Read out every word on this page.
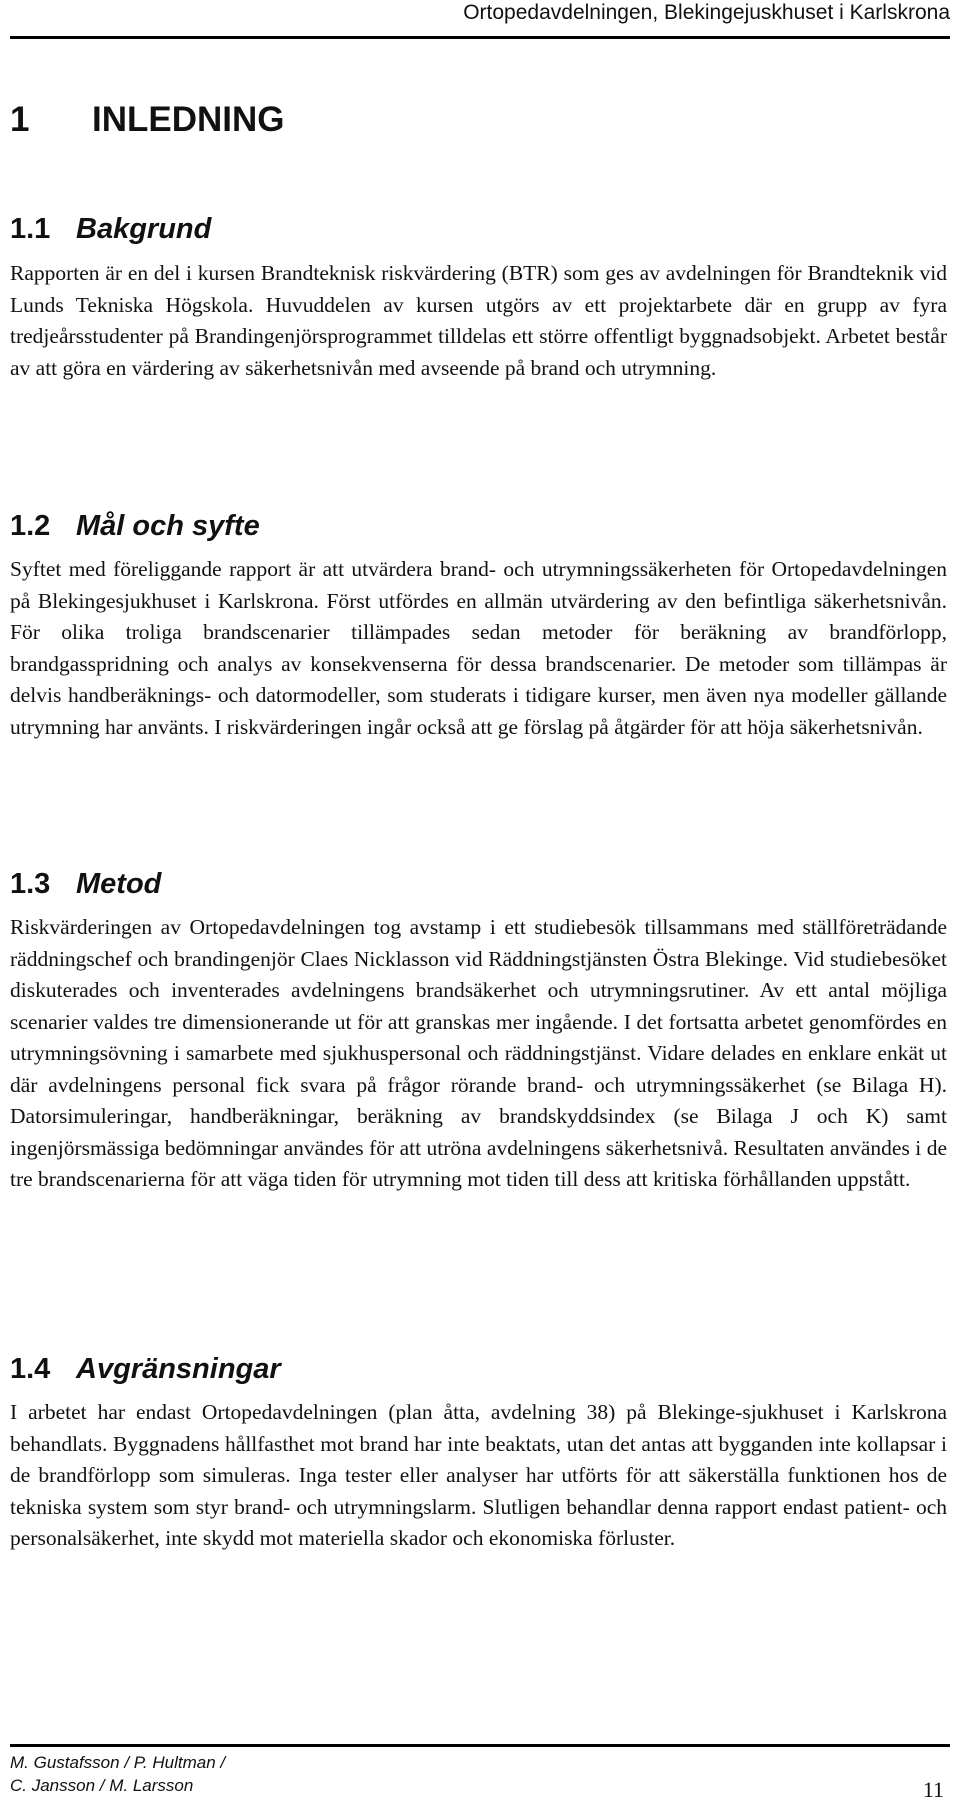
Ortopedavdelningen, Blekingejuskhuset i Karlskrona
1 INLEDNING
1.1 Bakgrund

Rapporten är en del i kursen Brandteknisk riskvärdering (BTR) som ges av avdelningen för Brandteknik vid Lunds Tekniska Högskola. Huvuddelen av kursen utgörs av ett projektarbete där en grupp av fyra tredjeårsstudenter på Brandingenjörsprogrammet tilldelas ett större offentligt byggnadsobjekt. Arbetet består av att göra en värdering av säkerhetsnivån med avseende på brand och utrymning.

1.2 Mål och syfte

Syftet med föreliggande rapport är att utvärdera brand- och utrymningssäkerheten för Ortopedavdelningen på Blekingesjukhuset i Karlskrona. Först utfördes en allmän utvärdering av den befintliga säkerhetsnivån. För olika troliga brandscenarier tillämpades sedan metoder för beräkning av brandförlopp, brandgasspridning och analys av konsekvenserna för dessa brandscenarier. De metoder som tillämpas är delvis handberäknings- och datormodeller, som studerats i tidigare kurser, men även nya modeller gällande utrymning har använts. I riskvärderingen ingår också att ge förslag på åtgärder för att höja säkerhetsnivån.

1.3 Metod

Riskvärderingen av Ortopedavdelningen tog avstamp i ett studiebesök tillsammans med ställföreträdande räddningschef och brandingenjör Claes Nicklasson vid Räddningstjänsten Östra Blekinge. Vid studiebesöket diskuterades och inventerades avdelningens brandsäkerhet och utrymningsrutiner. Av ett antal möjliga scenarier valdes tre dimensionerande ut för att granskas mer ingående. I det fortsatta arbetet genomfördes en utrymningsövning i samarbete med sjukhuspersonal och räddningstjänst. Vidare delades en enklare enkät ut där avdelningens personal fick svara på frågor rörande brand- och utrymningssäkerhet (se Bilaga H). Datorsimuleringar, handberäkningar, beräkning av brandskyddsindex (se Bilaga J och K) samt ingenjörsmässiga bedömningar användes för att utröna avdelningens säkerhetsnivå. Resultaten användes i de tre brandscenarierna för att väga tiden för utrymning mot tiden till dess att kritiska förhållanden uppstått.

1.4 Avgränsningar

I arbetet har endast Ortopedavdelningen (plan åtta, avdelning 38) på Blekinge-sjukhuset i Karlskrona behandlats. Byggnadens hållfasthet mot brand har inte beaktats, utan det antas att bygganden inte kollapsar i de brandförlopp som simuleras. Inga tester eller analyser har utförts för att säkerställa funktionen hos de tekniska system som styr brand- och utrymningslarm. Slutligen behandlar denna rapport endast patient- och personalsäkerhet, inte skydd mot materiella skador och ekonomiska förluster.

M. Gustafsson / P. Hultman /
C. Jansson / M. Larsson	11
